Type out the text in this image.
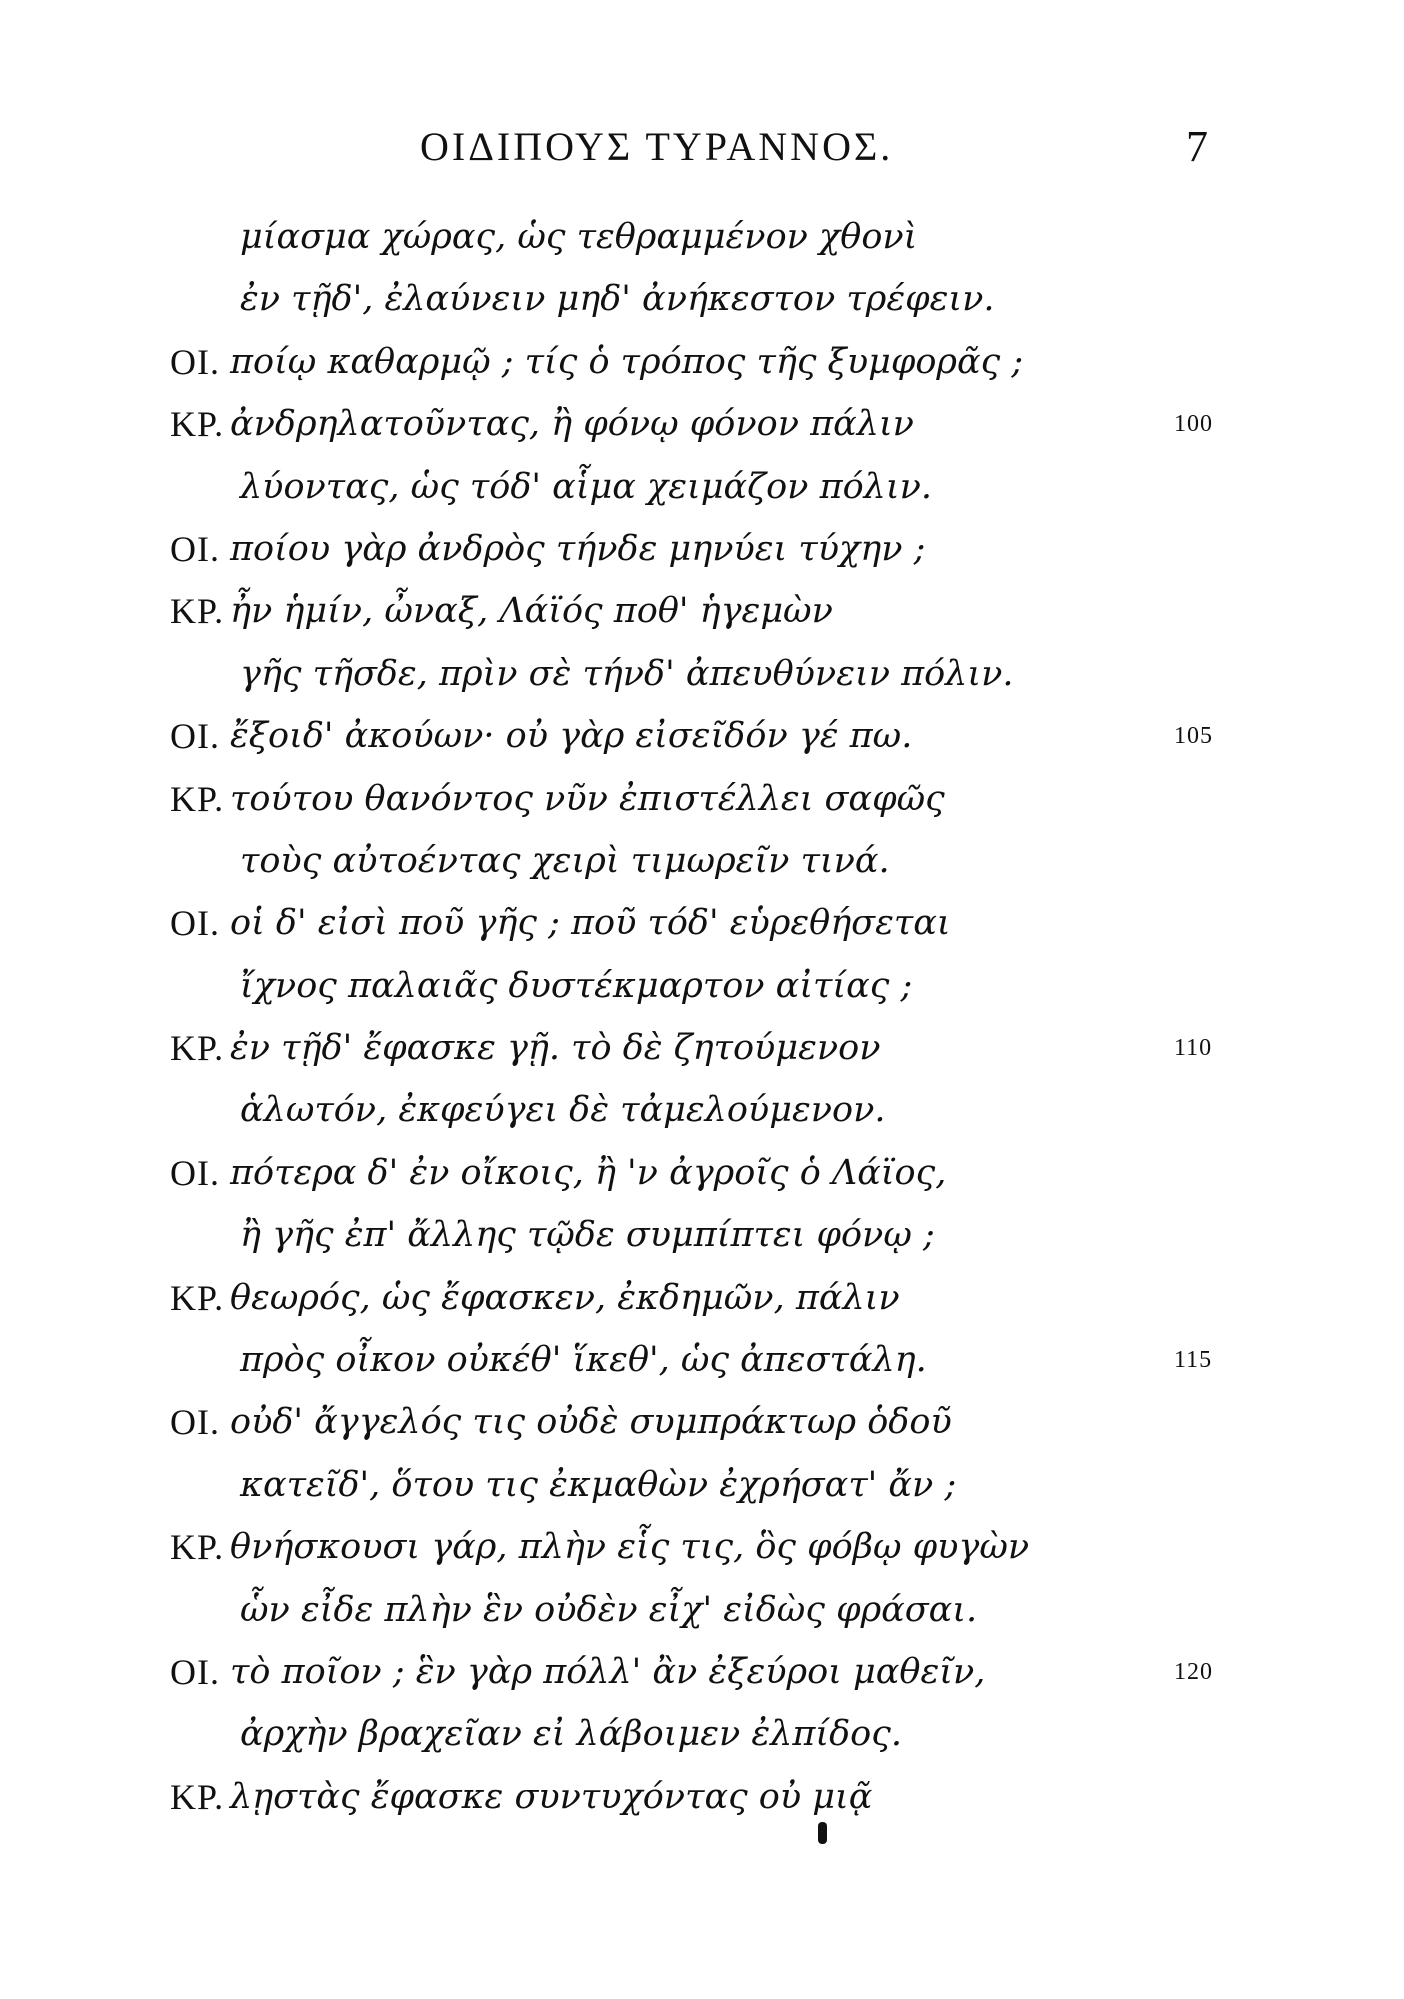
ΟΙΔΙΠΟΥΣ ΤΥΡΑΝΝΟΣ.	7
μίασμα χώρας, ὡς τεθραμμένον χθονὶ
ἐν τῇδ', ἐλαύνειν μηδ' ἀνήκεστον τρέφειν.
ΟΙ. ποίῳ καθαρμῷ ; τίς ὁ τρόπος τῆς ξυμφορᾶς ;
ΚΡ. ἀνδρηλατοῦντας, ἢ φόνῳ φόνον πάλιν	100
λύοντας, ὡς τόδ' αἷμα χειμάζον πόλιν.
ΟΙ. ποίου γὰρ ἀνδρὸς τήνδε μηνύει τύχην ;
ΚΡ. ἦν ἡμίν, ὦναξ, Λάϊός ποθ' ἡγεμὼν
γῆς τῆσδε, πρὶν σὲ τήνδ' ἀπευθύνειν πόλιν.
ΟΙ. ἔξοιδ' ἀκούων· οὐ γὰρ εἰσεῖδόν γέ πω.	105
ΚΡ. τούτου θανόντος νῦν ἐπιστέλλει σαφῶς
τοὺς αὐτοέντας χειρὶ τιμωρεῖν τινά.
ΟΙ. οἱ δ' εἰσὶ ποῦ γῆς ; ποῦ τόδ' εὑρεθήσεται
ἴχνος παλαιᾶς δυστέκμαρτον αἰτίας ;
ΚΡ. ἐν τῇδ' ἔφασκε γῇ. τὸ δὲ ζητούμενον	110
ἁλωτόν, ἐκφεύγει δὲ τἀμελούμενον.
ΟΙ. πότερα δ' ἐν οἴκοις, ἢ 'ν ἀγροῖς ὁ Λάϊος,
ἢ γῆς ἐπ' ἄλλης τῷδε συμπίπτει φόνῳ ;
ΚΡ. θεωρός, ὡς ἔφασκεν, ἐκδημῶν, πάλιν
πρὸς οἶκον οὐκέθ' ἵκεθ', ὡς ἀπεστάλη.	115
ΟΙ. οὐδ' ἄγγελός τις οὐδὲ συμπράκτωρ ὁδοῦ
κατεῖδ', ὅτου τις ἐκμαθὼν ἐχρήσατ' ἄν ;
ΚΡ. θνήσκουσι γάρ, πλὴν εἷς τις, ὃς φόβῳ φυγὼν
ὧν εἶδε πλὴν ἓν οὐδὲν εἶχ' εἰδὼς φράσαι.
ΟΙ. τὸ ποῖον ; ἓν γὰρ πόλλ' ἂν ἐξεύροι μαθεῖν,	120
ἀρχὴν βραχεῖαν εἰ λάβοιμεν ἐλπίδος.
ΚΡ. λῃστὰς ἔφασκε συντυχόντας οὐ μιᾷ
